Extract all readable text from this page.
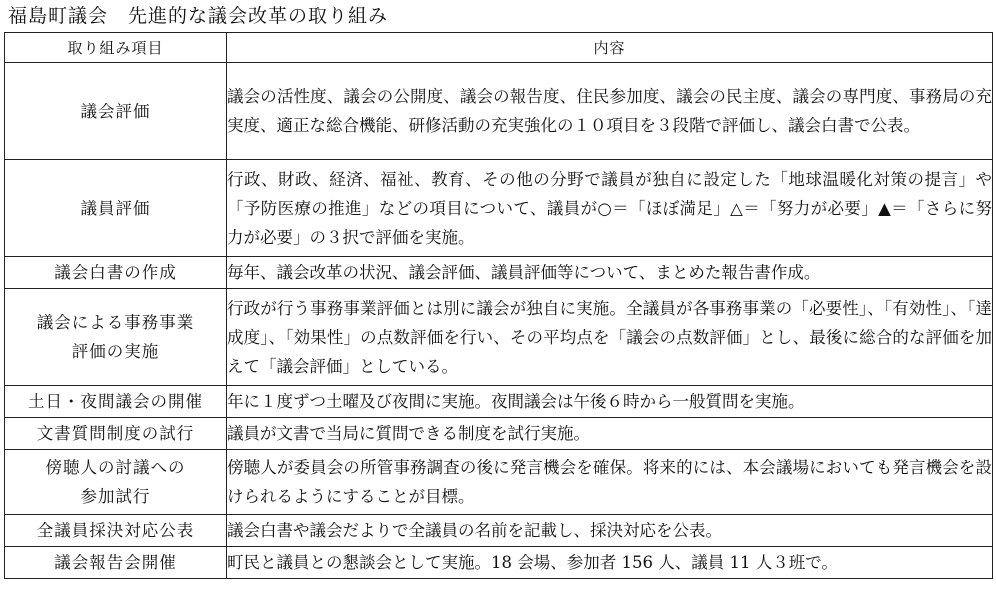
福島町議会　先進的な議会改革の取り組み
取り組み項目	内容

議会評価	議会の活性度、議会の公開度、議会の報告度、住民参加度、議会の民主度、議会の専門度、事務局の充実度、適正な総合機能、研修活動の充実強化の１０項目を３段階で評価し、議会白書で公表。

議員評価	行政、財政、経済、福祉、教育、その他の分野で議員が独自に設定した「地球温暖化対策の提言」や「予防医療の推進」などの項目について、議員が○＝「ほぼ満足」△＝「努力が必要」▲＝「さらに努力が必要」の３択で評価を実施。

議会白書の作成	毎年、議会改革の状況、議会評価、議員評価等について、まとめた報告書作成。

議会による事務事業
評価の実施	行政が行う事務事業評価とは別に議会が独自に実施。全議員が各事務事業の「必要性」、「有効性」、「達成度」、「効果性」の点数評価を行い、その平均点を「議会の点数評価」とし、最後に総合的な評価を加えて「議会評価」としている。

土日・夜間議会の開催	年に１度ずつ土曜及び夜間に実施。夜間議会は午後６時から一般質問を実施。

文書質問制度の試行	議員が文書で当局に質問できる制度を試行実施。

傍聴人の討議への
参加試行	傍聴人が委員会の所管事務調査の後に発言機会を確保。将来的には、本会議場においても発言機会を設けられるようにすることが目標。

全議員採決対応公表	議会白書や議会だよりで全議員の名前を記載し、採決対応を公表。

議会報告会開催	町民と議員との懇談会として実施。18 会場、参加者 156 人、議員 11 人３班で。
